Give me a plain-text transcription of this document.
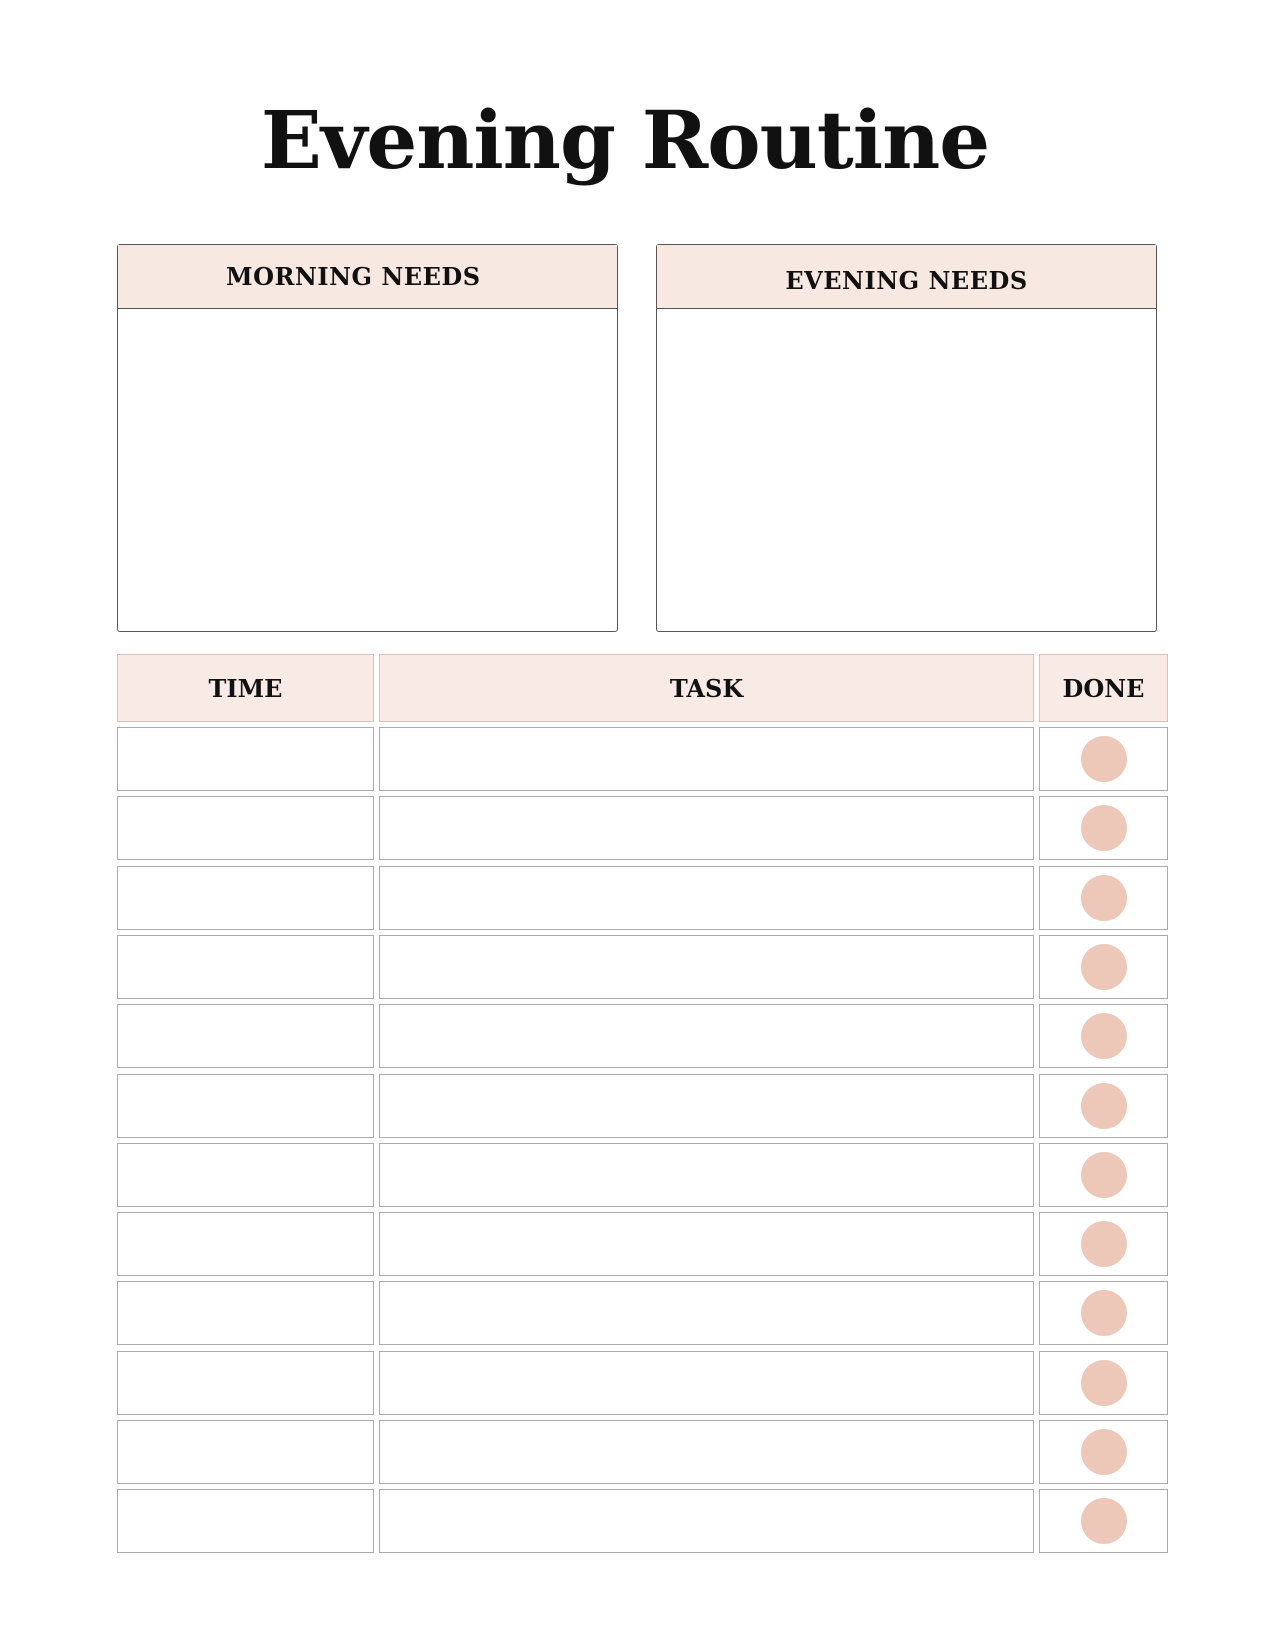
Evening Routine
MORNING NEEDS	EVENING NEEDS
TIME	TASK	DONE
